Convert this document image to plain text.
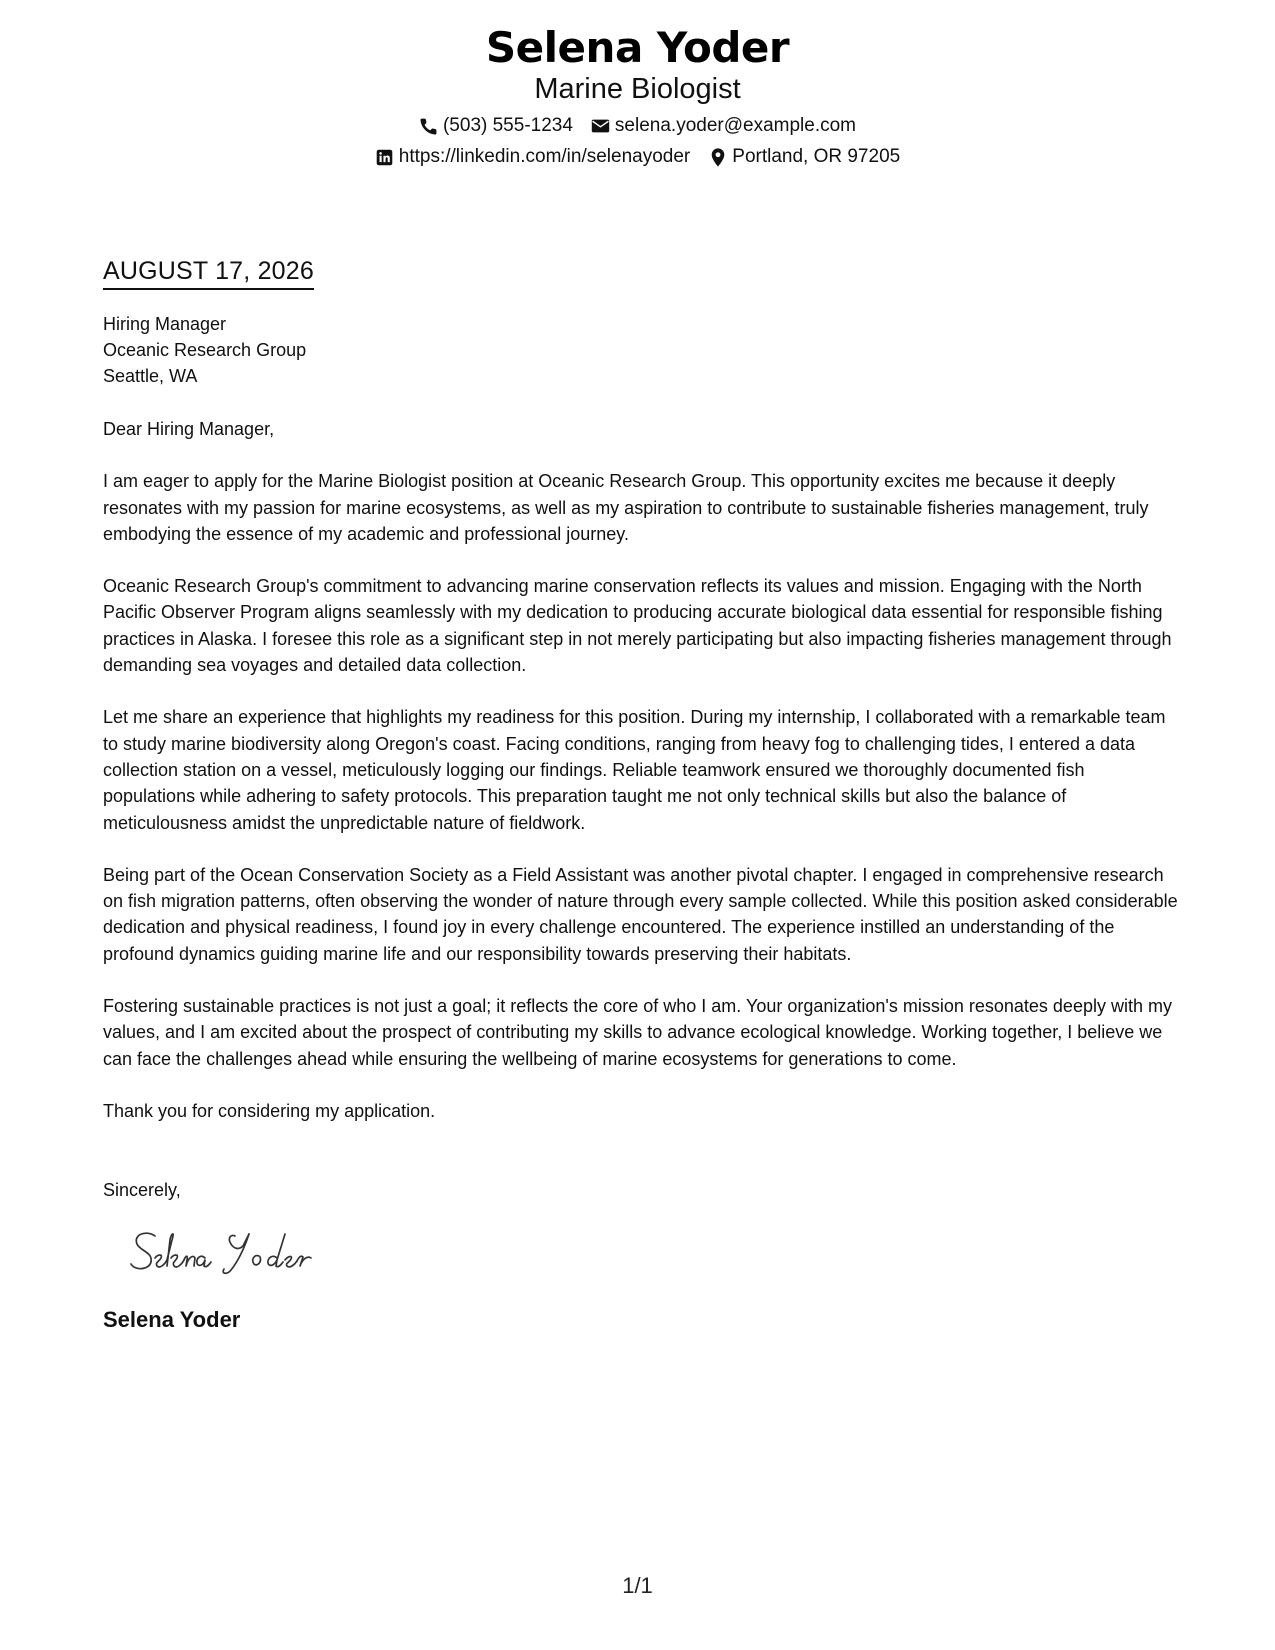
Selena Yoder
Marine Biologist
(503) 555-1234 selena.yoder@example.com
https://linkedin.com/in/selenayoder Portland, OR 97205
AUGUST 17, 2026
Hiring Manager
Oceanic Research Group
Seattle, WA
Dear Hiring Manager,
I am eager to apply for the Marine Biologist position at Oceanic Research Group. This opportunity excites me because it deeply resonates with my passion for marine ecosystems, as well as my aspiration to contribute to sustainable fisheries management, truly embodying the essence of my academic and professional journey.
Oceanic Research Group's commitment to advancing marine conservation reflects its values and mission. Engaging with the North Pacific Observer Program aligns seamlessly with my dedication to producing accurate biological data essential for responsible fishing practices in Alaska. I foresee this role as a significant step in not merely participating but also impacting fisheries management through demanding sea voyages and detailed data collection.
Let me share an experience that highlights my readiness for this position. During my internship, I collaborated with a remarkable team to study marine biodiversity along Oregon's coast. Facing conditions, ranging from heavy fog to challenging tides, I entered a data collection station on a vessel, meticulously logging our findings. Reliable teamwork ensured we thoroughly documented fish populations while adhering to safety protocols. This preparation taught me not only technical skills but also the balance of meticulousness amidst the unpredictable nature of fieldwork.
Being part of the Ocean Conservation Society as a Field Assistant was another pivotal chapter. I engaged in comprehensive research on fish migration patterns, often observing the wonder of nature through every sample collected. While this position asked considerable dedication and physical readiness, I found joy in every challenge encountered. The experience instilled an understanding of the profound dynamics guiding marine life and our responsibility towards preserving their habitats.
Fostering sustainable practices is not just a goal; it reflects the core of who I am. Your organization's mission resonates deeply with my values, and I am excited about the prospect of contributing my skills to advance ecological knowledge. Working together, I believe we can face the challenges ahead while ensuring the wellbeing of marine ecosystems for generations to come.
Thank you for considering my application.
Sincerely,
Selena Yoder
1/1
